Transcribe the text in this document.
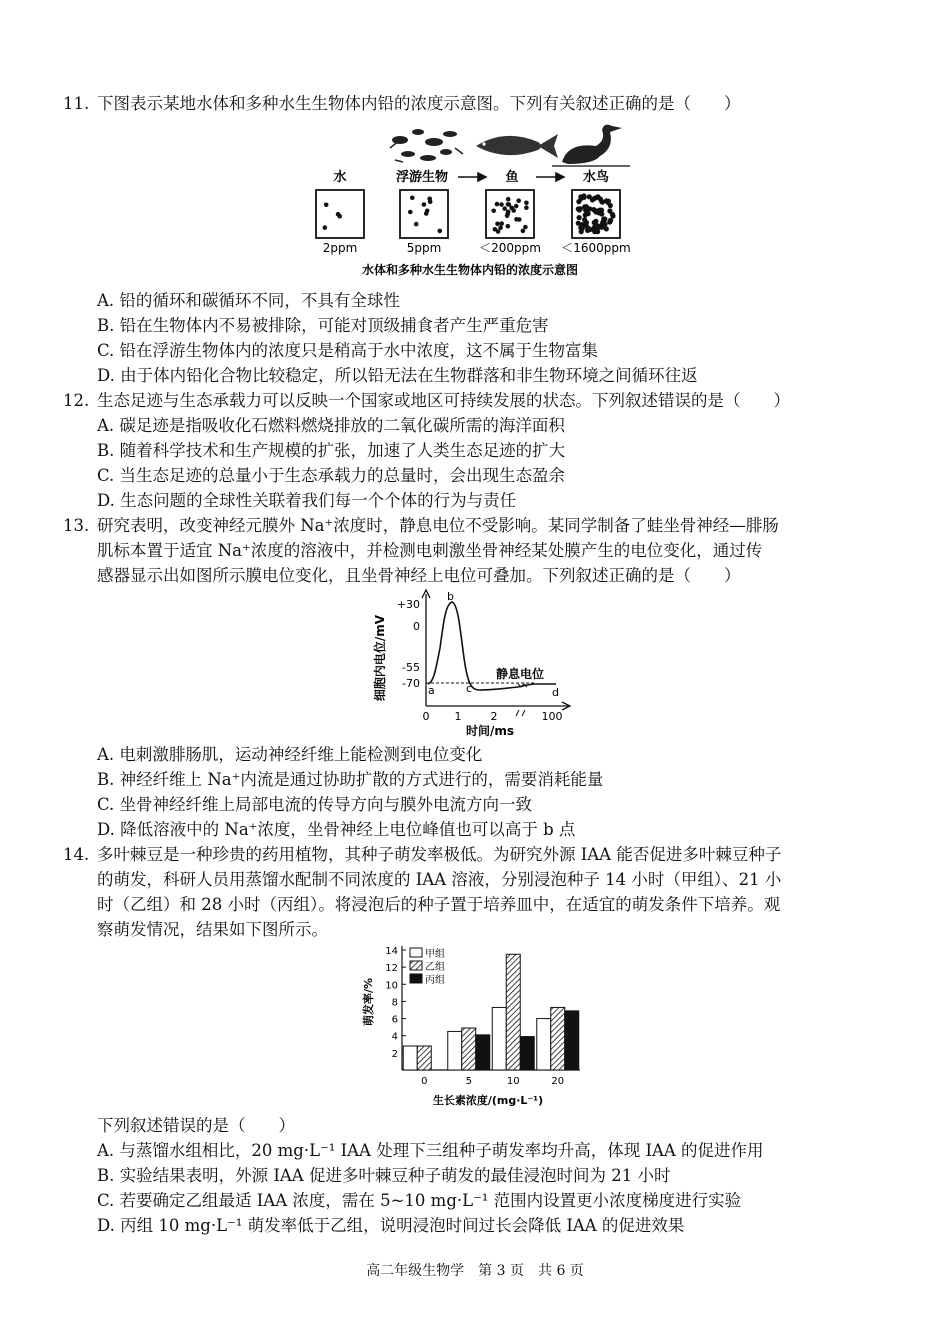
11. 下图表示某地水体和多种水生生物体内铅的浓度示意图。下列有关叙述正确的是（　　）
水	浮游生物	鱼	水鸟
2ppm	5ppm	＜200ppm ＜1600ppm
水体和多种水生生物体内铅的浓度示意图
A. 铅的循环和碳循环不同，不具有全球性
B. 铅在生物体内不易被排除，可能对顶级捕食者产生严重危害
C. 铅在浮游生物体内的浓度只是稍高于水中浓度，这不属于生物富集
D. 由于体内铅化合物比较稳定，所以铅无法在生物群落和非生物环境之间循环往返
12. 生态足迹与生态承载力可以反映一个国家或地区可持续发展的状态。下列叙述错误的是（　　）
A. 碳足迹是指吸收化石燃料燃烧排放的二氧化碳所需的海洋面积
B. 随着科学技术和生产规模的扩张，加速了人类生态足迹的扩大
C. 当生态足迹的总量小于生态承载力的总量时，会出现生态盈余
D. 生态问题的全球性关联着我们每一个个体的行为与责任
13. 研究表明，改变神经元膜外 Na⁺浓度时，静息电位不受影响。某同学制备了蛙坐骨神经—腓肠
肌标本置于适宜 Na⁺浓度的溶液中，并检测电刺激坐骨神经某处膜产生的电位变化，通过传
感器显示出如图所示膜电位变化，且坐骨神经上电位可叠加。下列叙述正确的是（　　）
细胞内电位/mV
+30
0
-55
-70
a
b
c	d
静息电位
0 1	2	100
时间/ms
A. 电刺激腓肠肌，运动神经纤维上能检测到电位变化
B. 神经纤维上 Na⁺内流是通过协助扩散的方式进行的，需要消耗能量
C. 坐骨神经纤维上局部电流的传导方向与膜外电流方向一致
D. 降低溶液中的 Na⁺浓度，坐骨神经上电位峰值也可以高于 b 点
14. 多叶棘豆是一种珍贵的药用植物，其种子萌发率极低。为研究外源 IAA 能否促进多叶棘豆种子
的萌发，科研人员用蒸馏水配制不同浓度的 IAA 溶液，分别浸泡种子 14 小时（甲组）、21 小
时（乙组）和 28 小时（丙组）。将浸泡后的种子置于培养皿中，在适宜的萌发条件下培养。观
察萌发情况，结果如下图所示。
萌发率/%
生长素浓度/(mg·L⁻¹)
2
4
6
8
10
12
14
0	5	10	20
甲组
乙组
丙组
下列叙述错误的是（　　）
A. 与蒸馏水组相比，20 mg·L⁻¹ IAA 处理下三组种子萌发率均升高，体现 IAA 的促进作用
B. 实验结果表明，外源 IAA 促进多叶棘豆种子萌发的最佳浸泡时间为 21 小时
C. 若要确定乙组最适 IAA 浓度，需在 5~10 mg·L⁻¹ 范围内设置更小浓度梯度进行实验
D. 丙组 10 mg·L⁻¹ 萌发率低于乙组，说明浸泡时间过长会降低 IAA 的促进效果
高二年级生物学　第 3 页　共 6 页
